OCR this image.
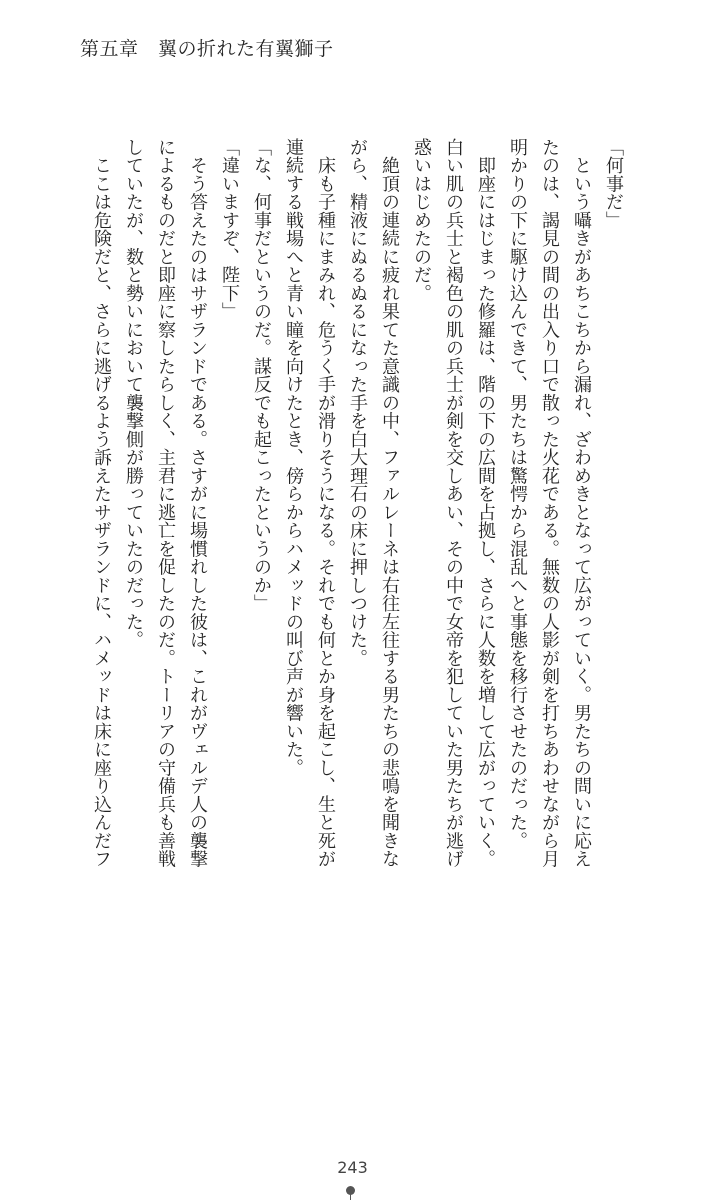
第五章　翼の折れた有翼獅子
「何事だ」
　という囁きがあちこちから漏れ、ざわめきとなって広がっていく。男たちの問いに応え
たのは、謁見の間の出入り口で散った火花である。無数の人影が剣を打ちあわせながら月
明かりの下に駆け込んできて、男たちは驚愕から混乱へと事態を移行させたのだった。
　即座にはじまった修羅は、階の下の広間を占拠し、さらに人数を増して広がっていく。
白い肌の兵士と褐色の肌の兵士が剣を交しあい、その中で女帝を犯していた男たちが逃げ
惑いはじめたのだ。
　絶頂の連続に疲れ果てた意識の中、ファルレーネは右往左往する男たちの悲鳴を聞きな
がら、精液にぬるぬるになった手を白大理石の床に押しつけた。
　床も子種にまみれ、危うく手が滑りそうになる。それでも何とか身を起こし、生と死が
連続する戦場へと青い瞳を向けたとき、傍らからハメッドの叫び声が響いた。
「な、何事だというのだ。謀反でも起こったというのか」
「違いますぞ、陛下」
　そう答えたのはサザランドである。さすがに場慣れした彼は、これがヴェルデ人の襲撃
によるものだと即座に察したらしく、主君に逃亡を促したのだ。トーリアの守備兵も善戦
していたが、数と勢いにおいて襲撃側が勝っていたのだった。
　ここは危険だと、さらに逃げるよう訴えたサザランドに、ハメッドは床に座り込んだフ
243
